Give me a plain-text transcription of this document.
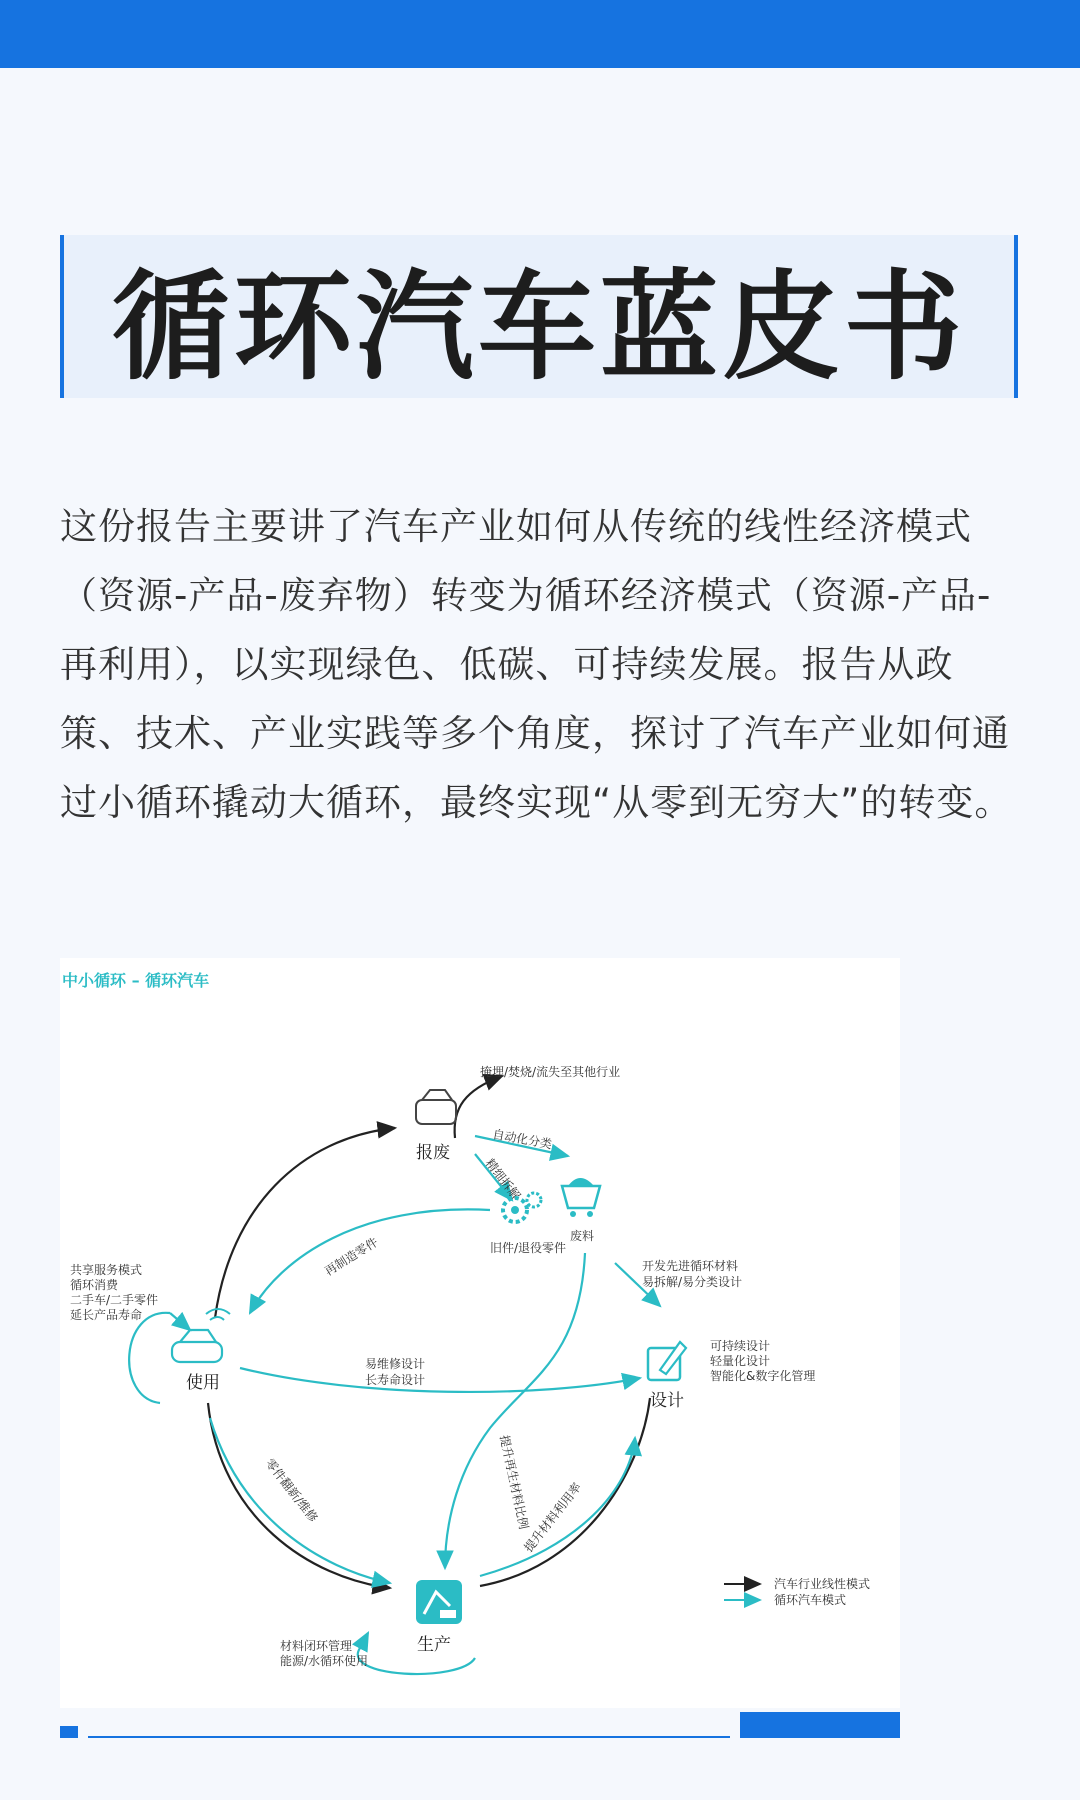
循环汽车蓝皮书
这份报告主要讲了汽车产业如何从传统的线性经济模式（资源-产品-废弃物）转变为循环经济模式（资源-产品-再利用），以实现绿色、低碳、可持续发展。报告从政策、技术、产业实践等多个角度，探讨了汽车产业如何通过小循环撬动大循环，最终实现“从零到无穷大”的转变。
中小循环 – 循环汽车
掩埋/焚烧/流失至其他行业
自动化分类
精细拆解
再制造零件	开发先进循环材料
易拆解/易分类设计
易维修设计
长寿命设计
零件翻新/维修	提升再生材料比例
提升材料利用率
报废
废料
旧件/退役零件
使用
共享服务模式
循环消费
二手车/二手零件
延长产品寿命
设计
可持续设计
轻量化设计
智能化&数字化管理
生产
材料闭环管理
能源/水循环使用
汽车行业线性模式
循环汽车模式
